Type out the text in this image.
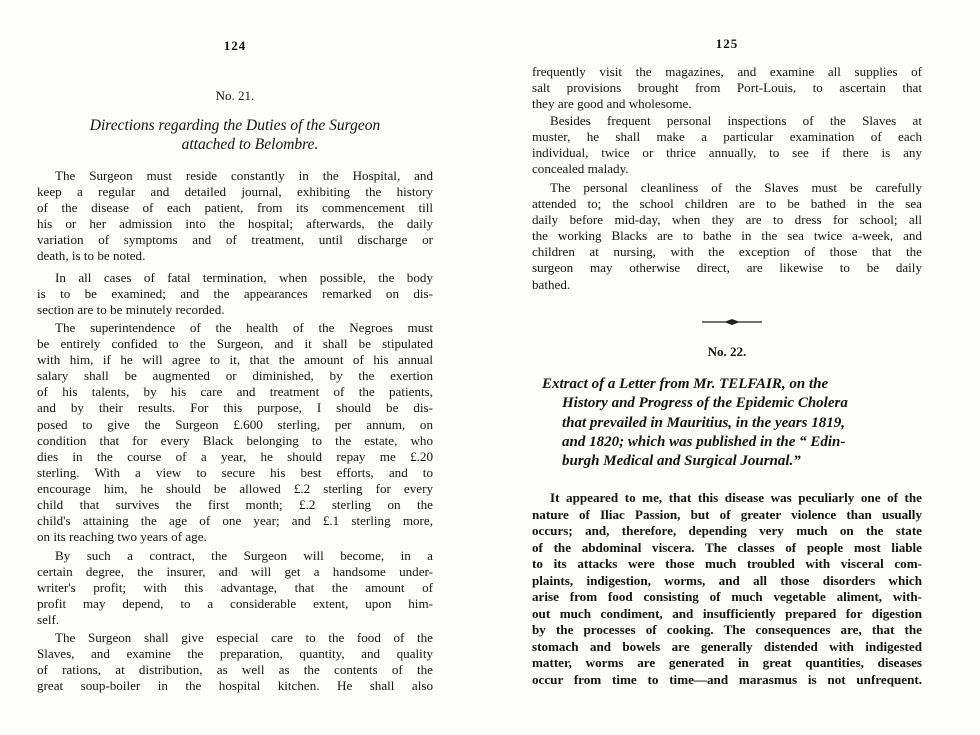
124
No. 21.
Directions regarding the Duties of the Surgeon
attached to Belombre.

The Surgeon must reside constantly in the Hospital, and
keep a regular and detailed journal, exhibiting the history
of the disease of each patient, from its commencement till
his or her admission into the hospital; afterwards, the daily
variation of symptoms and of treatment, until discharge or
death, is to be noted.

In all cases of fatal termination, when possible, the body
is to be examined; and the appearances remarked on dis-
section are to be minutely recorded.

The superintendence of the health of the Negroes must
be entirely confided to the Surgeon, and it shall be stipulated
with him, if he will agree to it, that the amount of his annual
salary shall be augmented or diminished, by the exertion
of his talents, by his care and treatment of the patients,
and by their results. For this purpose, I should be dis-
posed to give the Surgeon £.600 sterling, per annum, on
condition that for every Black belonging to the estate, who
dies in the course of a year, he should repay me £.20
sterling. With a view to secure his best efforts, and to
encourage him, he should be allowed £.2 sterling for every
child that survives the first month; £.2 sterling on the
child's attaining the age of one year; and £.1 sterling more,
on its reaching two years of age.

By such a contract, the Surgeon will become, in a
certain degree, the insurer, and will get a handsome under-
writer's profit; with this advantage, that the amount of
profit may depend, to a considerable extent, upon him-
self.

The Surgeon shall give especial care to the food of the
Slaves, and examine the preparation, quantity, and quality
of rations, at distribution, as well as the contents of the
great soup-boiler in the hospital kitchen. He shall also

125

frequently visit the magazines, and examine all supplies of
salt provisions brought from Port-Louis, to ascertain that
they are good and wholesome.

Besides frequent personal inspections of the Slaves at
muster, he shall make a particular examination of each
individual, twice or thrice annually, to see if there is any
concealed malady.

The personal cleanliness of the Slaves must be carefully
attended to; the school children are to be bathed in the sea
daily before mid-day, when they are to dress for school; all
the working Blacks are to bathe in the sea twice a-week, and
children at nursing, with the exception of those that the
surgeon may otherwise direct, are likewise to be daily
bathed.

No. 22.
Extract of a Letter from Mr. TELFAIR, on the
History and Progress of the Epidemic Cholera
that prevailed in Mauritius, in the years 1819,
and 1820; which was published in the “ Edin-
burgh Medical and Surgical Journal.”

It appeared to me, that this disease was peculiarly one of the
nature of Iliac Passion, but of greater violence than usually
occurs; and, therefore, depending very much on the state
of the abdominal viscera. The classes of people most liable
to its attacks were those much troubled with visceral com-
plaints, indigestion, worms, and all those disorders which
arise from food consisting of much vegetable aliment, with-
out much condiment, and insufficiently prepared for digestion
by the processes of cooking. The consequences are, that the
stomach and bowels are generally distended with indigested
matter, worms are generated in great quantities, diseases
occur from time to time—and marasmus is not unfrequent.
